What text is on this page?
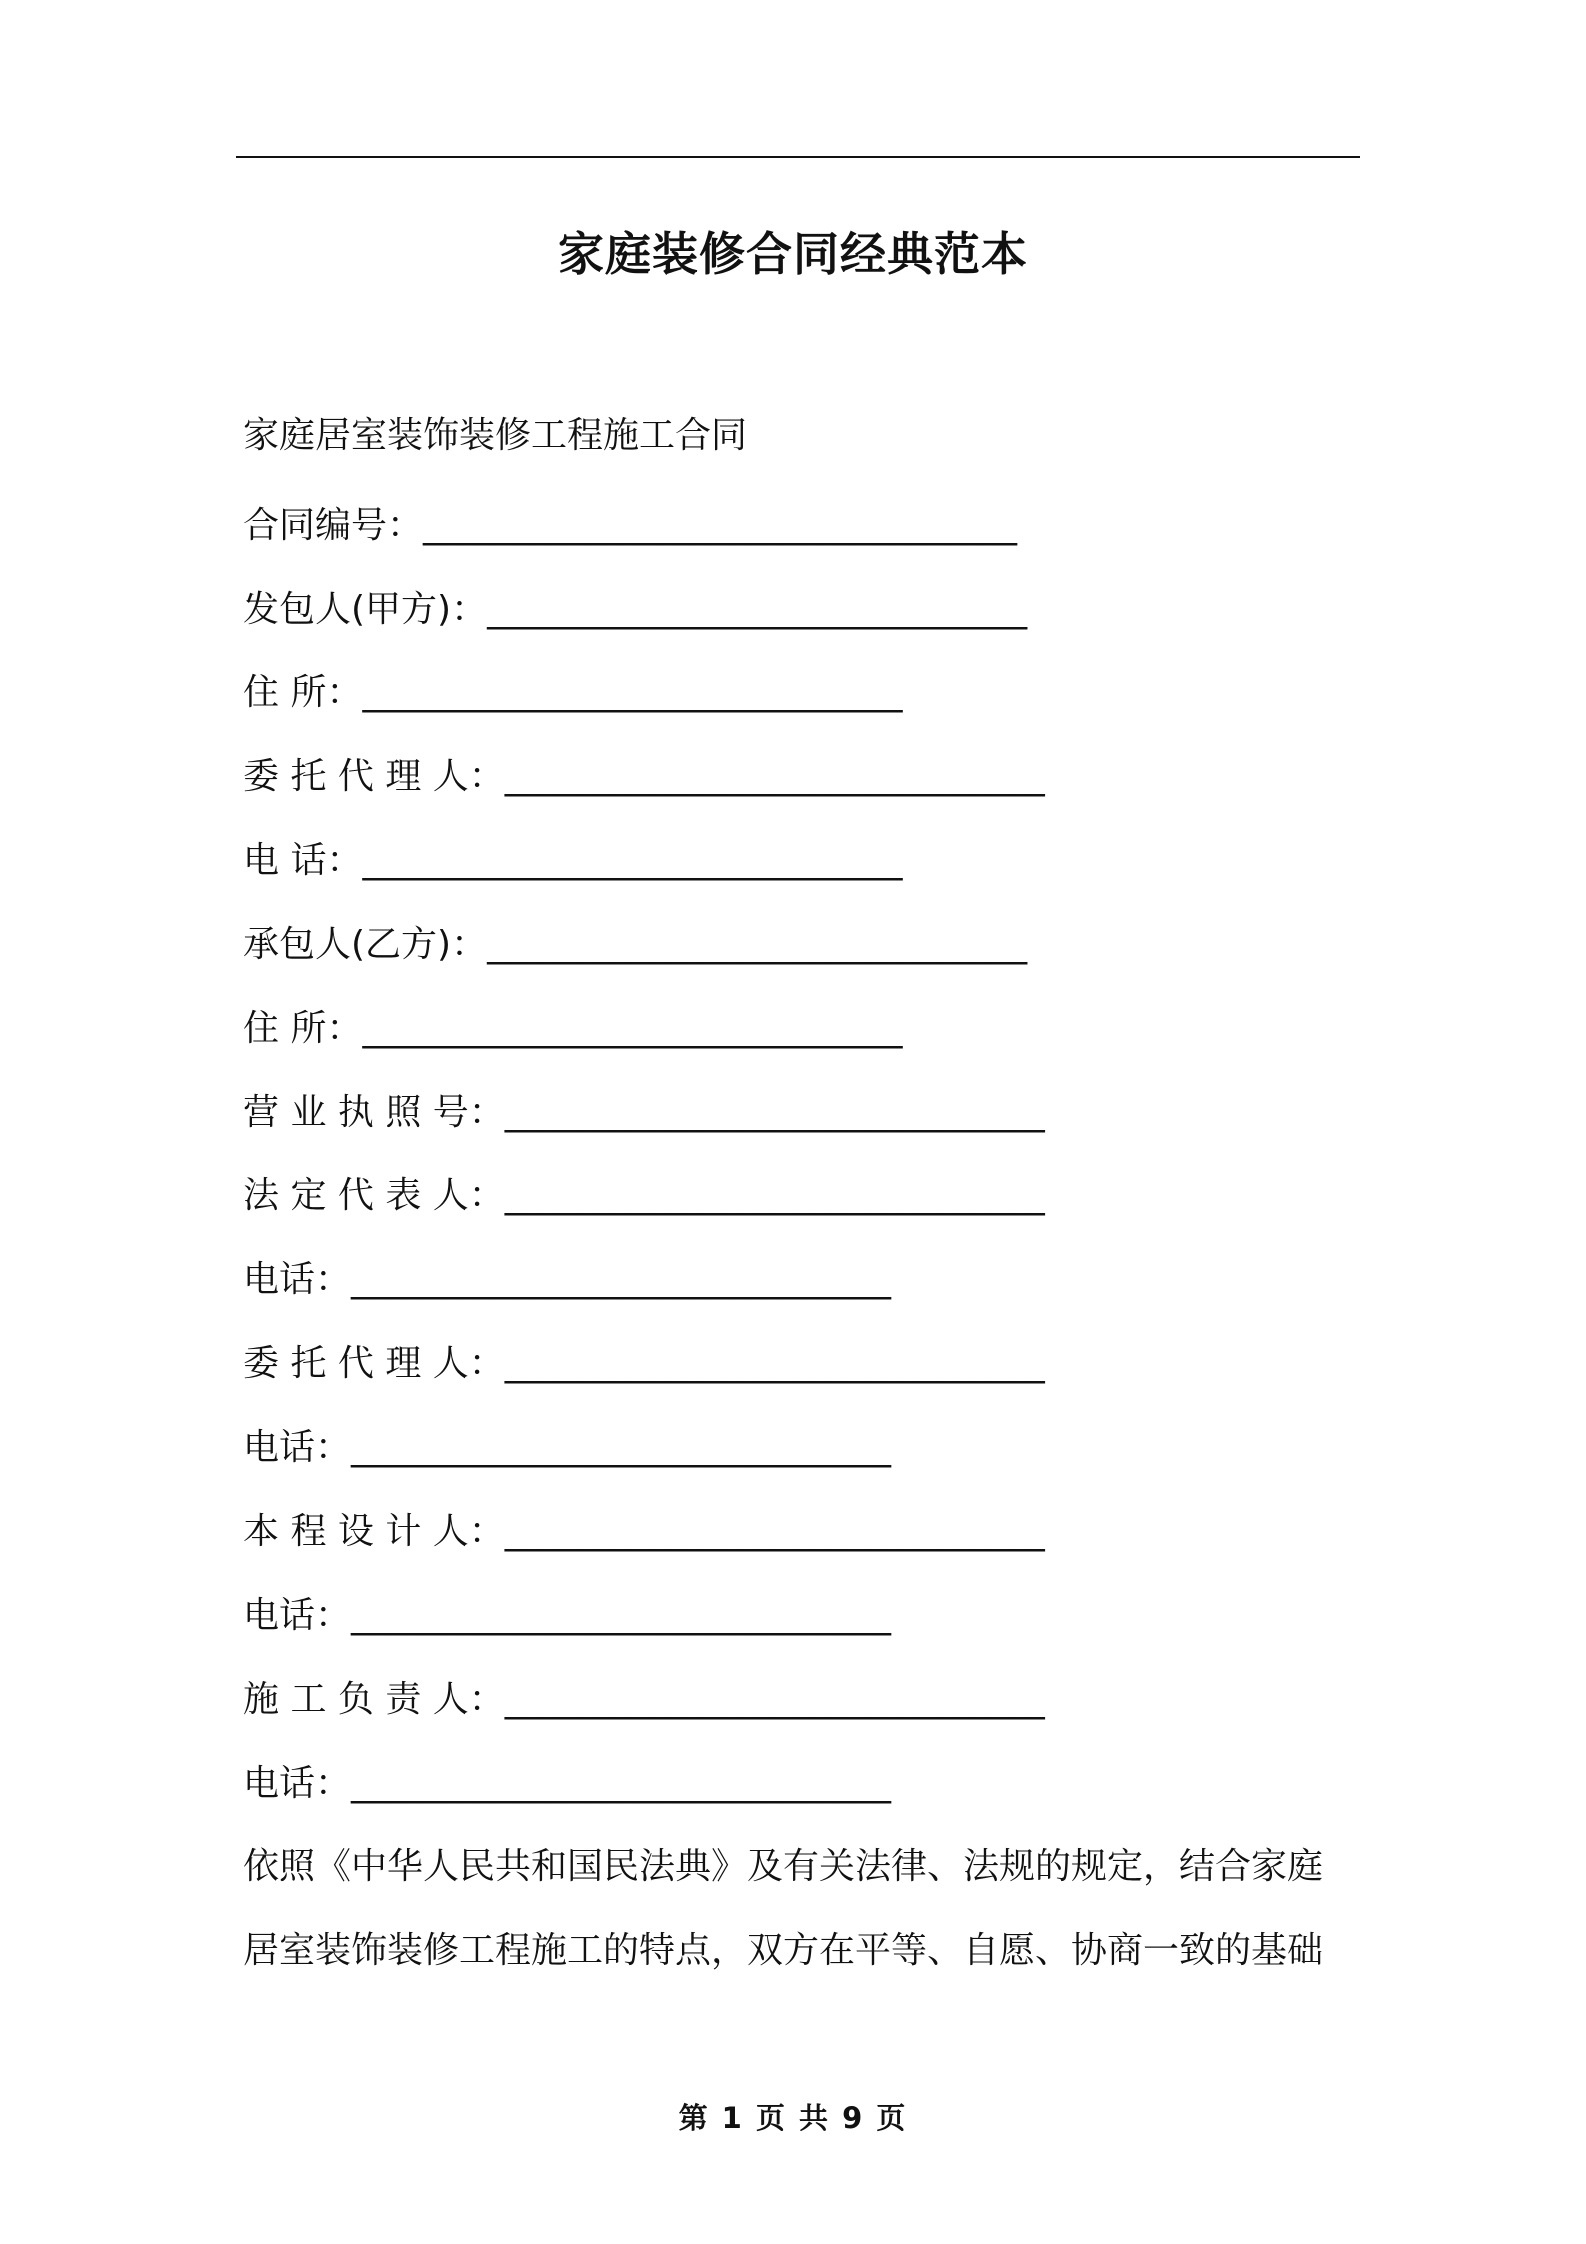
家庭装修合同经典范本
家庭居室装饰装修工程施工合同
合同编号：_________________________________
发包人(甲方)：______________________________
住 所：______________________________
委 托 代 理 人：______________________________
电 话：______________________________
承包人(乙方)：______________________________
住 所：______________________________
营 业 执 照 号：______________________________
法 定 代 表 人：______________________________
电话：______________________________
委 托 代 理 人：______________________________
电话：______________________________
本 程 设 计 人：______________________________
电话：______________________________
施 工 负 责 人：______________________________
电话：______________________________
依照《中华人民共和国民法典》及有关法律、法规的规定，结合家庭
居室装饰装修工程施工的特点，双方在平等、自愿、协商一致的基础
第 1 页 共 9 页
